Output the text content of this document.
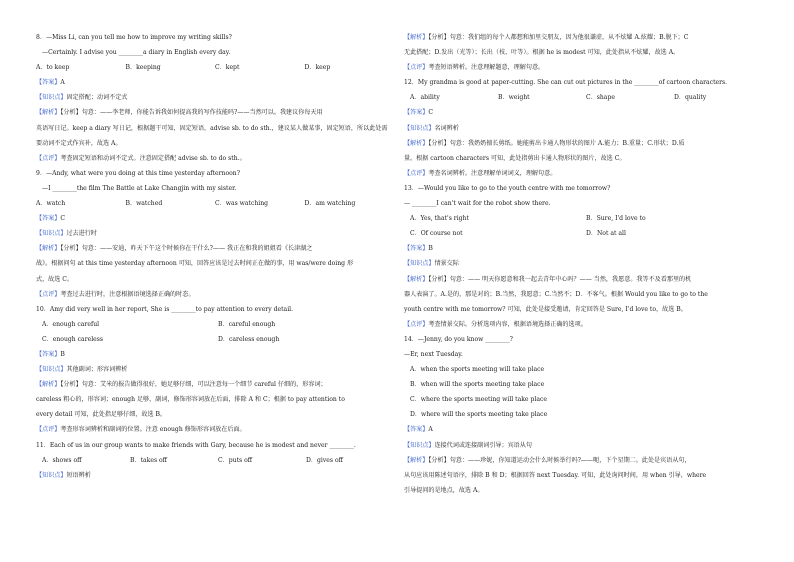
8．—Miss Li, can you tell me how to improve my writing skills?
—Certainly. I advise you ________a diary in English every day.
A．to keep	B．keeping	C．kept	D．keep
【答案】A
【知识点】固定搭配；动词不定式
【解析】【分析】句意：——李老师，你能告诉我如何提高我的写作技能吗?——当然可以。我建议你每天用
英语写日记。keep a diary 写日记，根据题干可知，固定短语，advise sb. to do sth.，建议某人做某事，固定短语，所以此处需
要动词不定式作宾补，故选 A。
【点评】考查固定短语和动词不定式。注意固定搭配 advise sb. to do sth.。
9．—Andy, what were you doing at this time yesterday afternoon?
—I ________the film The Battle at Lake Changjin with my sister.
A．watch	B．watched	C．was watching	D．am watching
【答案】C
【知识点】过去进行时
【解析】【分析】句意：——安迪，昨天下午这个时候你在干什么?—— 我正在和我的姐姐看《长津湖之
战》。根据问句 at this time yesterday afternoon 可知，回答应该是过去时间正在做的事，用 was/were doing 形
式，故选 C。
【点评】考查过去进行时，注意根据语境选择正确的时态。
10．Amy did very well in her report, She is ________to pay attention to every detail.
A．enough careful	B．careful enough
C．enough careless	D．careless enough
【答案】B
【知识点】其他副词；形容词辨析
【解析】【分析】句意：艾米的报告做得很好，她足够仔细，可以注意每一个细节 careful 仔细的，形容词；
careless 粗心的，形容词；enough 足够，副词，修饰形容词放在后面，排除 A 和 C；根据 to pay attention to
every detail 可知，此处指足够仔细，故选 B。
【点评】考查形容词辨析和副词的位置。注意 enough 修饰形容词放在后面。
11．Each of us in our group wants to make friends with Gary, because he is modest and never ________.
A．shows off	B．takes off	C．puts off	D．gives off
【知识点】短语辨析
【解析】【分析】句意：我们组的每个人都想和加里交朋友，因为他很谦虚，从不炫耀 A.炫耀；B.脱下；C
无此搭配；D.发出（光等）；长出（枝、叶等）。根据 he is modest 可知，此处指从不炫耀，故选 A。
【点评】考查短语辨析。注意理解题意，理解句意。
12．My grandma is good at paper-cutting. She can cut out pictures in the ________of cartoon characters.
A．ability	B．weight	C．shape	D．quality
【答案】C
【知识点】名词辨析
【解析】【分析】句意：我奶奶擅长剪纸。她能剪出卡通人物形状的图片 A.能力；B.重量；C.形状；D.质
量。根据 cartoon characters 可知，此处指剪出卡通人物形状的图片，故选 C。
【点评】考查名词辨析。注意理解单词词义，理解句意。
13．—Would you like to go to the youth centre with me tomorrow?
— ________I can't wait for the robot show there.
A．Yes, that's right	B．Sure, I'd love to
C．Of course not	D．Not at all
【答案】B
【知识点】情景交际
【解析】【分析】句意：—— 明天你愿意和我一起去青年中心吗？—— 当然，我愿意。我等不及看那里的机
器人表演了。A.是的，那是对的；B.当然，我愿意；C.当然不；D．不客气。根据 Would you like to go to the
youth centre with me tomorrow? 可知，此处是接受邀请，肯定回答是 Sure, I'd love to，故选 B。
【点评】考查情景交际。分析选项内容，根据语境选择正确的选项。
14．—Jenny, do you know ________?
—Er, next Tuesday.
A．when the sports meeting will take place
B．when will the sports meeting take place
C．where the sports meeting will take place
D．where will the sports meeting take place
【答案】A
【知识点】连接代词或连接副词引导；宾语从句
【解析】【分析】句意：——珍妮，你知道运动会什么时候举行吗?——呃，下个星期二。此处是宾语从句，
从句应该用陈述句语序，排除 B 和 D；根据回答 next Tuesday. 可知，此处询问时间，用 when 引导，where
引导提问的是地点，故选 A。
